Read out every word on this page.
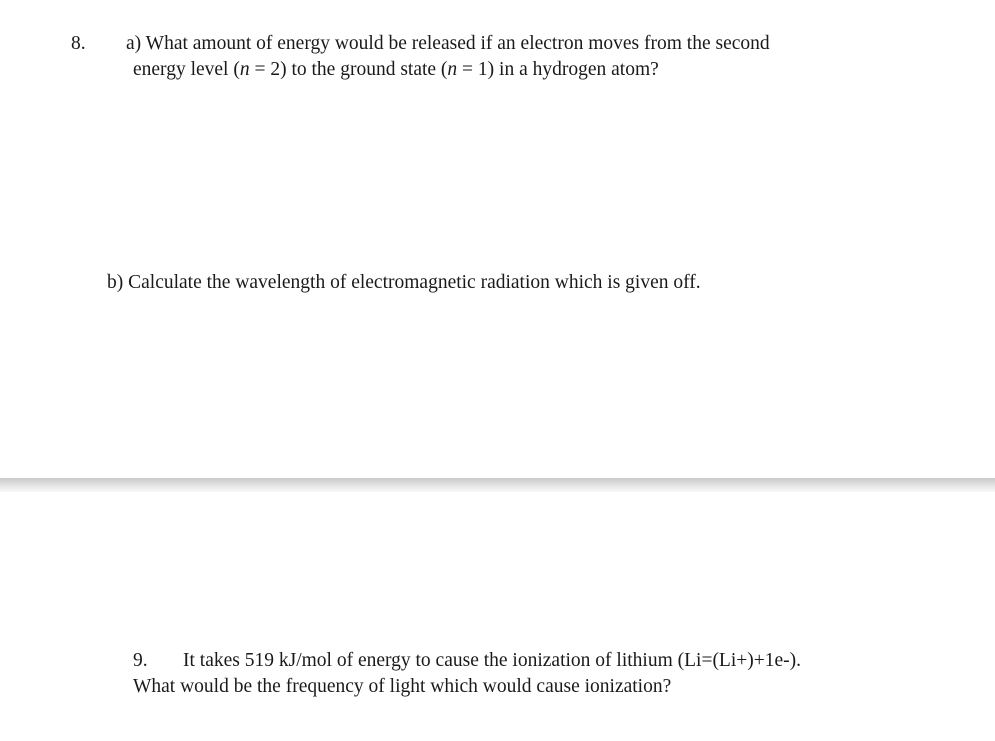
8. a) What amount of energy would be released if an electron moves from the second
energy level (n = 2) to the ground state (n = 1) in a hydrogen atom?
b) Calculate the wavelength of electromagnetic radiation which is given off.
9. It takes 519 kJ/mol of energy to cause the ionization of lithium (Li=(Li+)+1e-).
What would be the frequency of light which would cause ionization?
